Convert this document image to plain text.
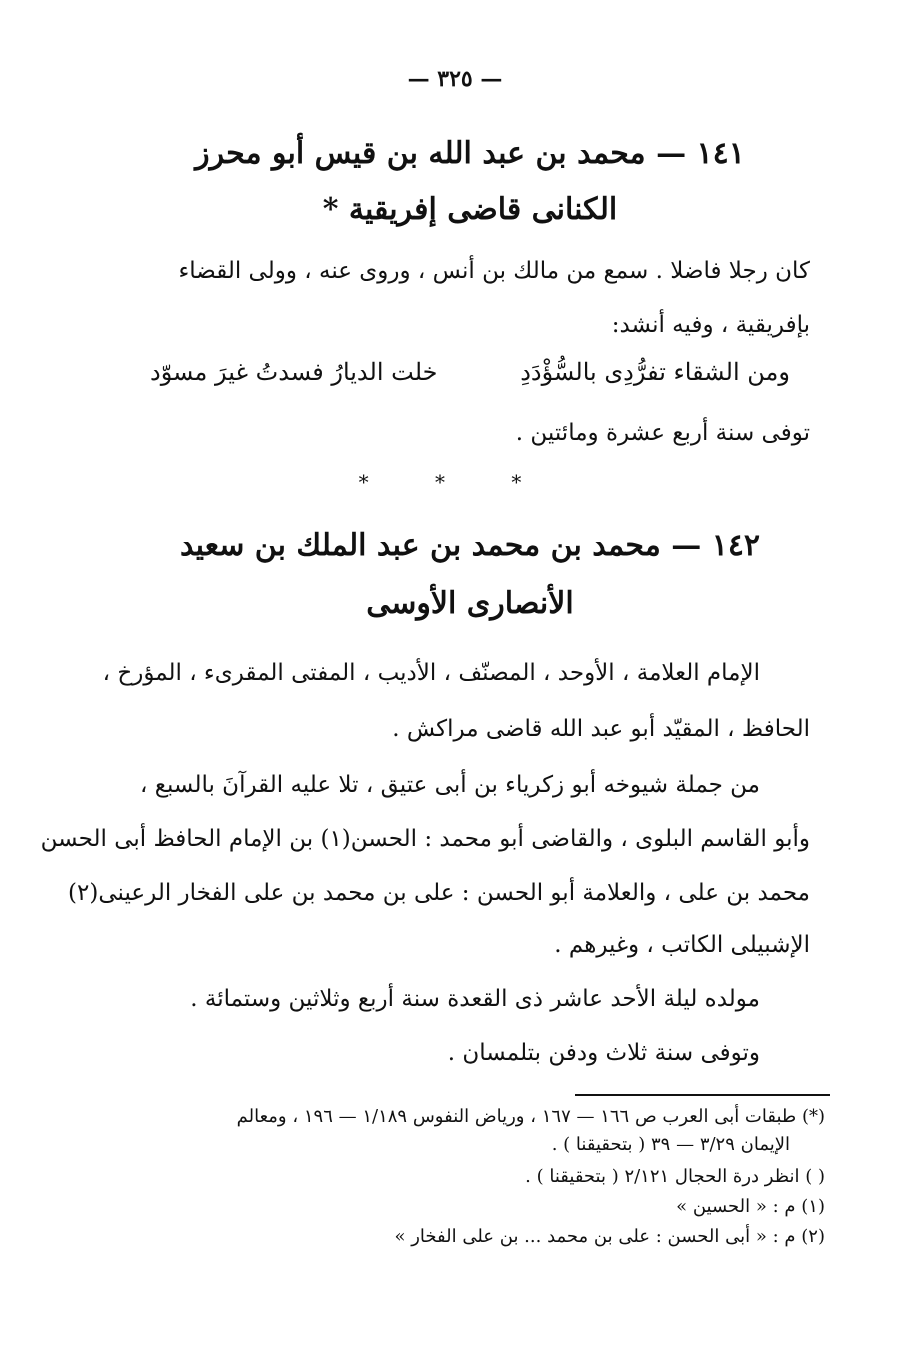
— ٣٢٥ —
١٤١ — محمد بن عبد الله بن قيس أبو محرز
الكنانى قاضى إفريقية *
كان رجلا فاضلا . سمع من مالك بن أنس ، وروى عنه ، وولى القضاء
بإفريقية ، وفيه أنشد:
خلت الديارُ فسدتُ غيرَ مسوّد	ومن الشقاء تفرُّدِى بالسُّؤْدَدِ
توفى سنة أربع عشرة ومائتين .
* * *
١٤٢ — محمد بن محمد بن عبد الملك بن سعيد
الأنصارى الأوسى
الإمام العلامة ، الأوحد ، المصنّف ، الأديب ، المفتى المقرىء ، المؤرخ ،
الحافظ ، المقيّد أبو عبد الله قاضى مراكش .
من جملة شيوخه أبو زكرياء بن أبى عتيق ، تلا عليه القرآنَ بالسبع ،
وأبو القاسم البلوى ، والقاضى أبو محمد : الحسن(١) بن الإمام الحافظ أبى الحسن
محمد بن على ، والعلامة أبو الحسن : على بن محمد بن على الفخار الرعينى(٢)
الإشبيلى الكاتب ، وغيرهم .
مولده ليلة الأحد عاشر ذى القعدة سنة أربع وثلاثين وستمائة .
وتوفى سنة ثلاث ودفن بتلمسان .
(*) طبقات أبى العرب ص ١٦٦ — ١٦٧ ، ورياض النفوس ١/١٨٩ — ١٩٦ ، ومعالم
الإيمان ٣/٢٩ — ٣٩ ( بتحقيقنا ) .
( ) انظر درة الحجال ٢/١٢١ ( بتحقيقنا ) .
(١) م : « الحسين »
(٢) م : « أبى الحسن : على بن محمد ... بن على الفخار »
